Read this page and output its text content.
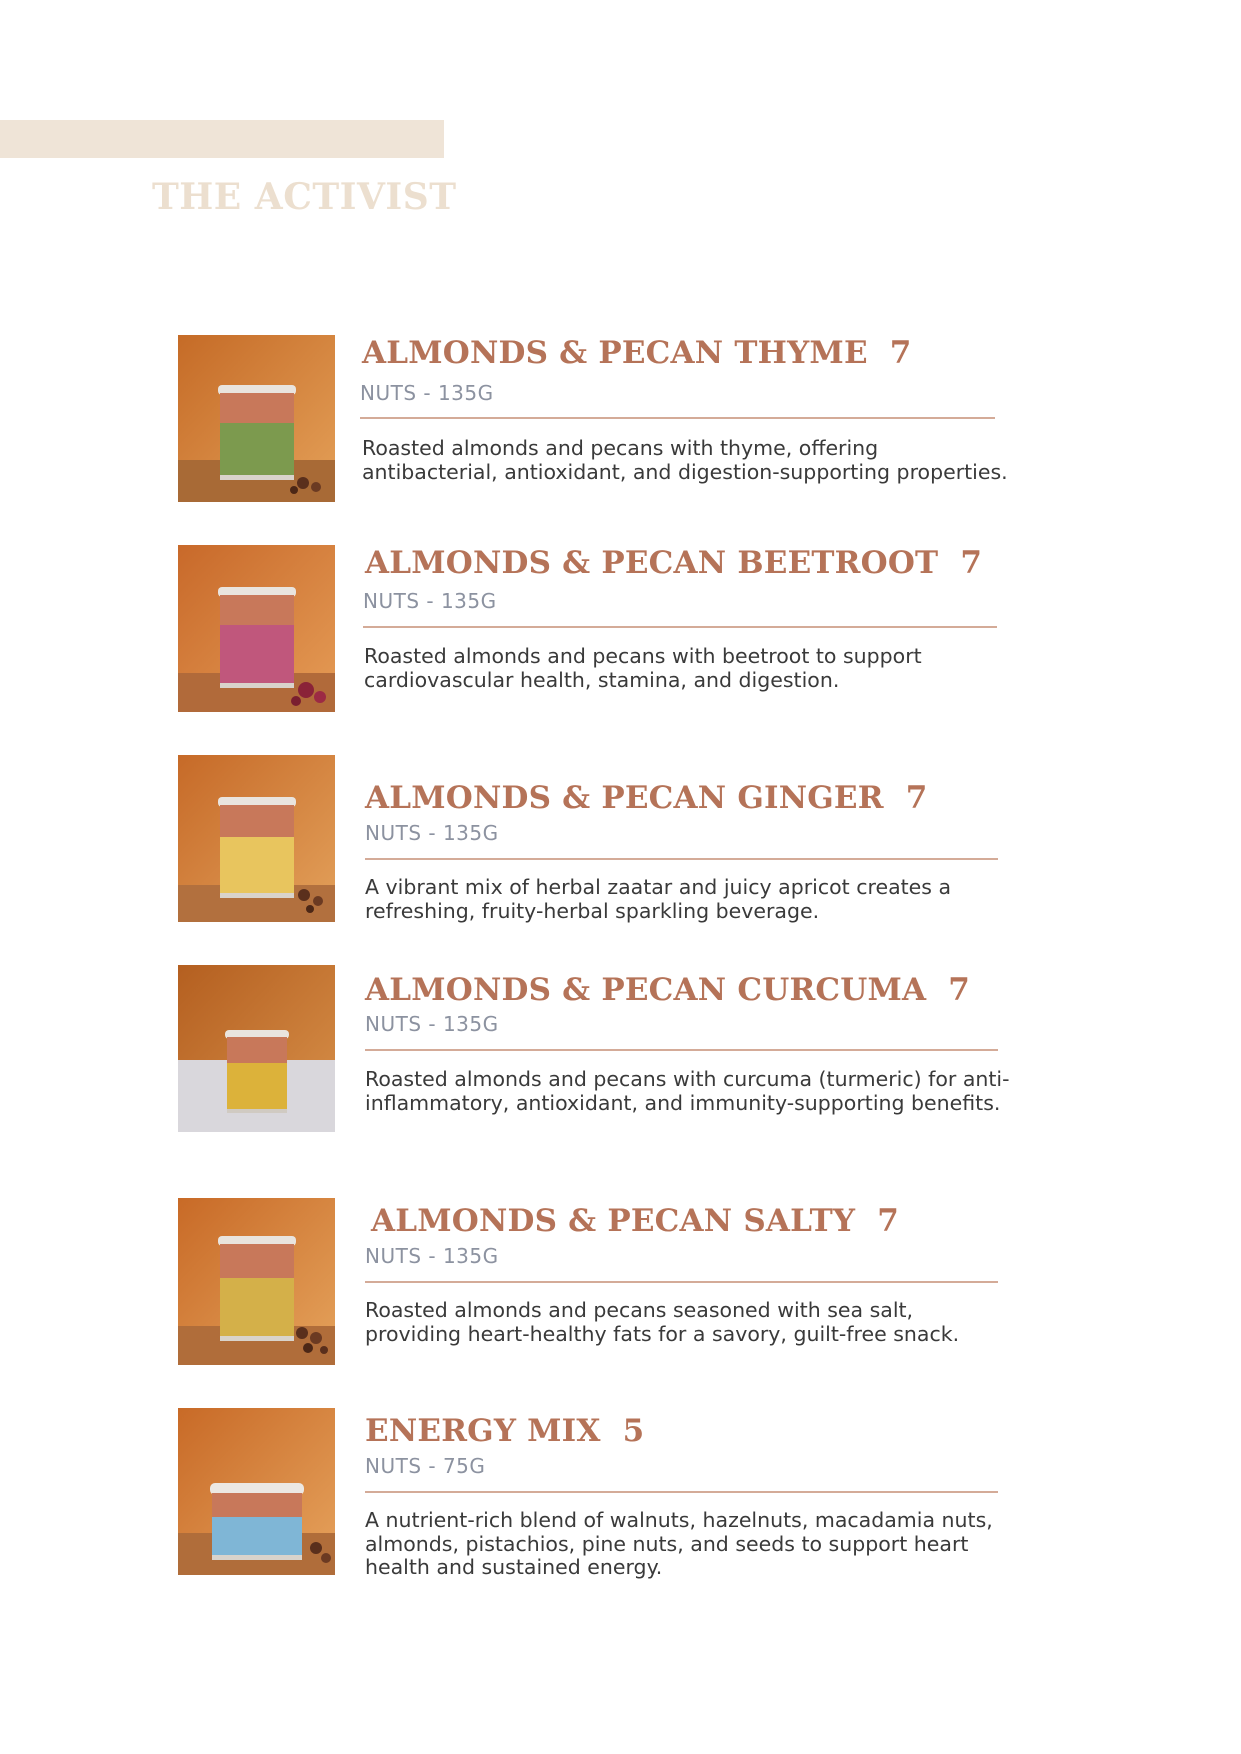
THE ACTIVIST
ALMONDS & PECAN THYME 7
NUTS - 135G
Roasted almonds and pecans with thyme, offering antibacterial, antioxidant, and digestion-supporting properties.
ALMONDS & PECAN BEETROOT 7
NUTS - 135G
Roasted almonds and pecans with beetroot to support cardiovascular health, stamina, and digestion.
ALMONDS & PECAN GINGER 7
NUTS - 135G
A vibrant mix of herbal zaatar and juicy apricot creates a refreshing, fruity-herbal sparkling beverage.
ALMONDS & PECAN CURCUMA 7
NUTS - 135G
Roasted almonds and pecans with curcuma (turmeric) for anti-inflammatory, antioxidant, and immunity-supporting benefits.
ALMONDS & PECAN SALTY 7
NUTS - 135G
Roasted almonds and pecans seasoned with sea salt, providing heart-healthy fats for a savory, guilt-free snack.
ENERGY MIX 5
NUTS - 75G
A nutrient-rich blend of walnuts, hazelnuts, macadamia nuts, almonds, pistachios, pine nuts, and seeds to support heart health and sustained energy.
